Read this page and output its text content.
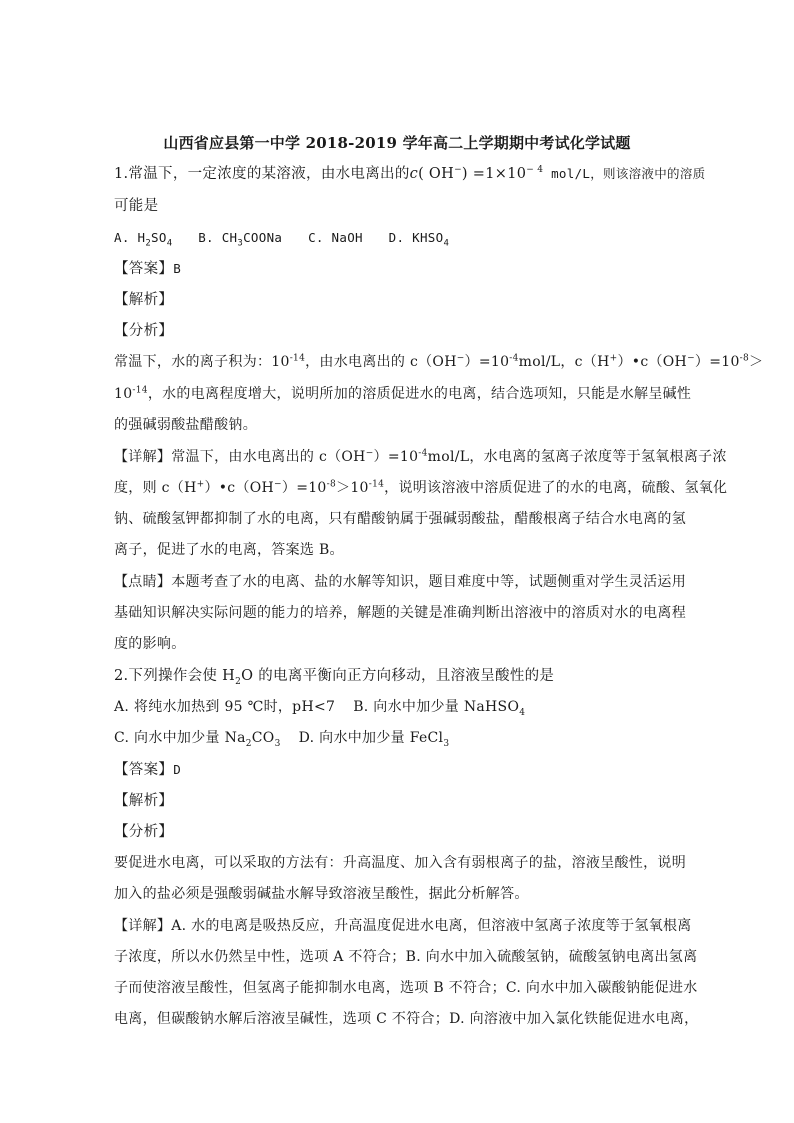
山西省应县第一中学 2018-2019 学年高二上学期期中考试化学试题
1.常温下，一定浓度的某溶液，由水电离出的c( $OH^-) =1\times 10^{- 4}$ mol/L，则该溶液中的溶质
可能是
A. $H_2SO_4$ B. $CH_3COONa$ C. NaOH D. $KHSO_4$
【答案】B
【解析】
【分析】
常温下，水的离子积为：$10^{-14}$，由水电离出的 $c(OH^-)=10^{-4}mol/L$，$c(H^+)•c(OH^-)=10^{-8}>$
$10^{-14}$，水的电离程度增大，说明所加的溶质促进水的电离，结合选项知，只能是水解呈碱性
的强碱弱酸盐醋酸钠。
【详解】常温下，由水电离出的 $c(OH^-)=10^{-4}mol/L$，水电离的氢离子浓度等于氢氧根离子浓
度，则 $c(H^+)•c(OH^-)=10^{-8}>10^{-14}$，说明该溶液中溶质促进了的水的电离，硫酸、氢氧化
钠、硫酸氢钾都抑制了水的电离，只有醋酸钠属于强碱弱酸盐，醋酸根离子结合水电离的氢
离子，促进了水的电离，答案选 B。
【点睛】本题考查了水的电离、盐的水解等知识，题目难度中等，试题侧重对学生灵活运用
基础知识解决实际问题的能力的培养，解题的关键是准确判断出溶液中的溶质对水的电离程
度的影响。
2.下列操作会使 $H_2O$ 的电离平衡向正方向移动，且溶液呈酸性的是
A. 将纯水加热到 95 ℃时，pH<7 B. 向水中加少量 NaHSO$_4$
C. 向水中加少量 $Na_2CO_3$ D. 向水中加少量 FeCl$_3$
【答案】D
【解析】
【分析】
要促进水电离，可以采取的方法有：升高温度、加入含有弱根离子的盐，溶液呈酸性，说明
加入的盐必须是强酸弱碱盐水解导致溶液呈酸性，据此分析解答。
【详解】A. 水的电离是吸热反应，升高温度促进水电离，但溶液中氢离子浓度等于氢氧根离
子浓度，所以水仍然呈中性，选项 A 不符合；B. 向水中加入硫酸氢钠，硫酸氢钠电离出氢离
子而使溶液呈酸性，但氢离子能抑制水电离，选项 B 不符合；C. 向水中加入碳酸钠能促进水
电离，但碳酸钠水解后溶液呈碱性，选项 C 不符合；D. 向溶液中加入氯化铁能促进水电离，
